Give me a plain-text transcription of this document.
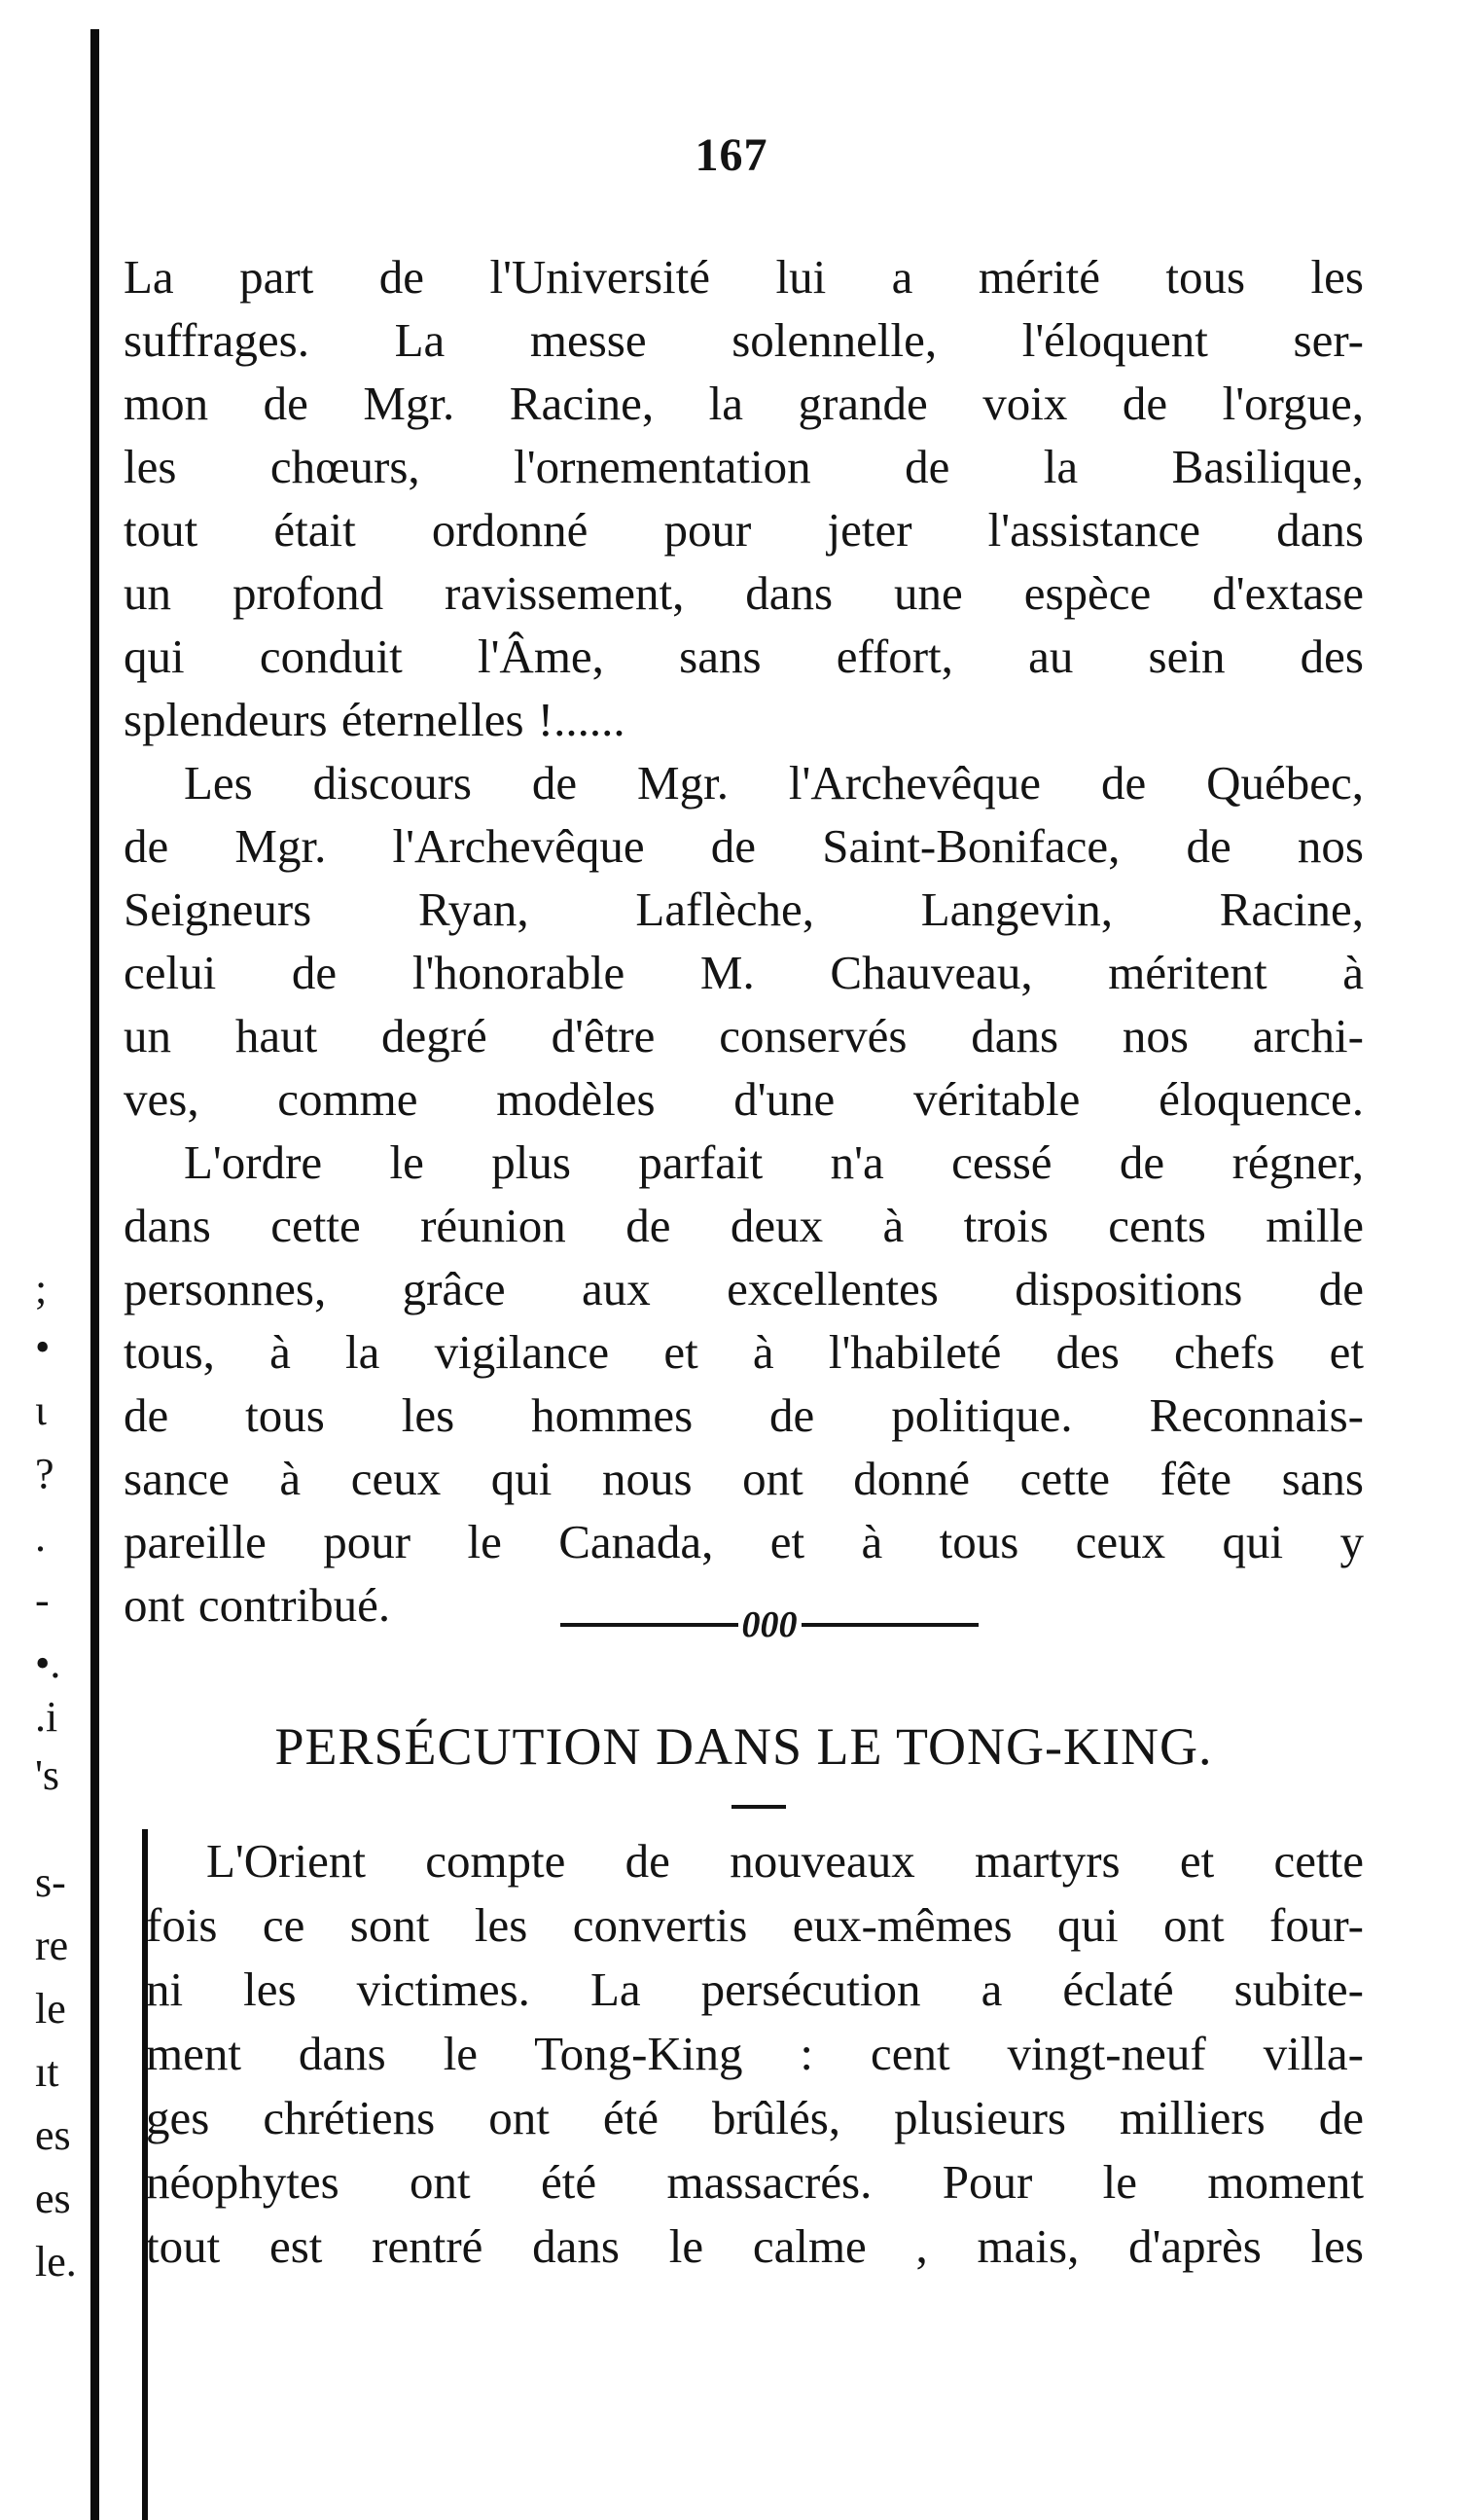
167
La part de l'Université lui a mérité tous les
suffrages. La messe solennelle, l'éloquent ser-
mon de Mgr. Racine, la grande voix de l'orgue,
les chœurs, l'ornementation de la Basilique,
tout était ordonné pour jeter l'assistance dans
un profond ravissement, dans une espèce d'extase
qui conduit l'Âme, sans effort, au sein des
splendeurs éternelles !......
Les discours de Mgr. l'Archevêque de Québec,
de Mgr. l'Archevêque de Saint-Boniface, de nos
Seigneurs Ryan, Laflèche, Langevin, Racine,
celui de l'honorable M. Chauveau, méritent à
un haut degré d'être conservés dans nos archi-
ves, comme modèles d'une véritable éloquence.
L'ordre le plus parfait n'a cessé de régner,
dans cette réunion de deux à trois cents mille
personnes, grâce aux excellentes dispositions de
tous, à la vigilance et à l'habileté des chefs et
de tous les hommes de politique. Reconnais-
sance à ceux qui nous ont donné cette fête sans
pareille pour le Canada, et à tous ceux qui y
ont contribué.	000
PERSÉCUTION DANS LE TONG-KING.
L'Orient compte de nouveaux martyrs et cette
fois ce sont les convertis eux-mêmes qui ont four-
ni les victimes. La persécution a éclaté subite-
ment dans le Tong-King : cent vingt-neuf villa-
ges chrétiens ont été brûlés, plusieurs milliers de
néophytes ont été massacrés. Pour le moment
tout est rentré dans le calme , mais, d'après les
;
•
ι
?
.
-
•.
.i
's
s-
re
le
ıt
es
es
le.
